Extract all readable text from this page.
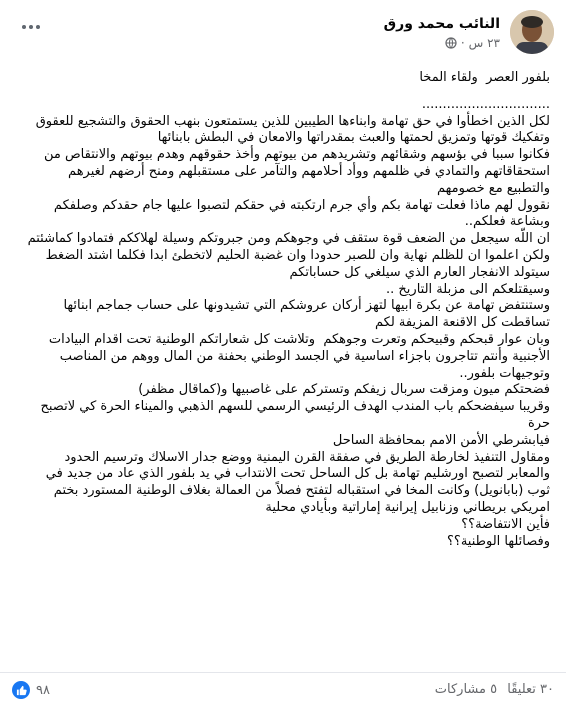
النائب محمد ورق
٢٣ س
·

بلفور العصر  ولقاء المخا

...............................

لكل الذين اخطأوا في حق تهامة وابناءها الطيبين للذين يستمتعون بنهب الحقوق والتشجيع للعقوق

وتفكيك قوتها وتمزيق لحمتها والعبث بمقدراتها والامعان في البطش بابنائها

فكانوا سببا في بؤسهم وشقائهم وتشريدهم من بيوتهم وأخذ حقوقهم وهدم بيوتهم والانتقاص من

استحقاقاتهم والتمادي في ظلمهم ووأد أحلامهم والتآمر على مستقبلهم ومنح أرضهم لغيرهم

والتطبيع مع خصومهم

نقوول لهم ماذا فعلت تهامة بكم وأي جرم ارتكبته في حقكم لتصبوا عليها جام حقدكم وصلفكم

وبشاعة فعلكم..

ان اللّه سيجعل من الضعف قوة ستقف في وجوهكم ومن جبروتكم وسيلة لهلاككم فتمادوا كماشئتم

ولكن اعلموا ان للظلم نهاية وان للصبر حدودا وان غضبة الحليم لاتخطئ ابدا فكلما اشتد الضغط

سيتولد الانفجار العارم الذي سيلغي كل حساباتكم

وسيقتلعكم الى مزبلة التاريخ ..

وستنتفض تهامة عن بكرة ابيها لتهز أركان عروشكم التي تشيدونها على حساب جماجم ابنائها

تساقطت كل الاقنعة المزيفة لكم

وبان عوار قبحكم وقبيحكم وتعرت وجوهكم  وتلاشت كل شعاراتكم الوطنية تحت اقدام البيادات

الأجنبية وأنتم تتاجرون باجزاء اساسية في الجسد الوطني بحفنة من المال ووهم من المناصب

وتوجيهات بلفور..

فضحتكم ميون ومزقت سربال زيفكم وتستركم على غاصبيها و(كماقال مظفر)

وقريبا سيفضحكم باب المندب الهدف الرئيسي الرسمي للسهم الذهبي والميناء الحرة كي لاتصبح

حرة

فيابشرطي الأمن الامم بمحافظة الساحل

ومقاول التنفيذ لخارطة الطريق في صفقة القرن اليمنية ووضع جدار الاسلاك وترسيم الحدود

والمعابر لتصبح اورشليم تهامة بل كل الساحل تحت الانتداب في يد بلفور الذي عاد من جديد في

ثوب (بابانويل) وكانت المخا في استقباله لتفتح فصلاً من العمالة بغلاف الوطنية المستورد بختم

امريكي بريطاني وزنابيل إيرانية إماراتية وبأيادي محلية

فأين الانتفاضة؟؟

وفصائلها الوطنية؟؟

٩٨	٣٠ تعليقًا ٥ مشاركات
